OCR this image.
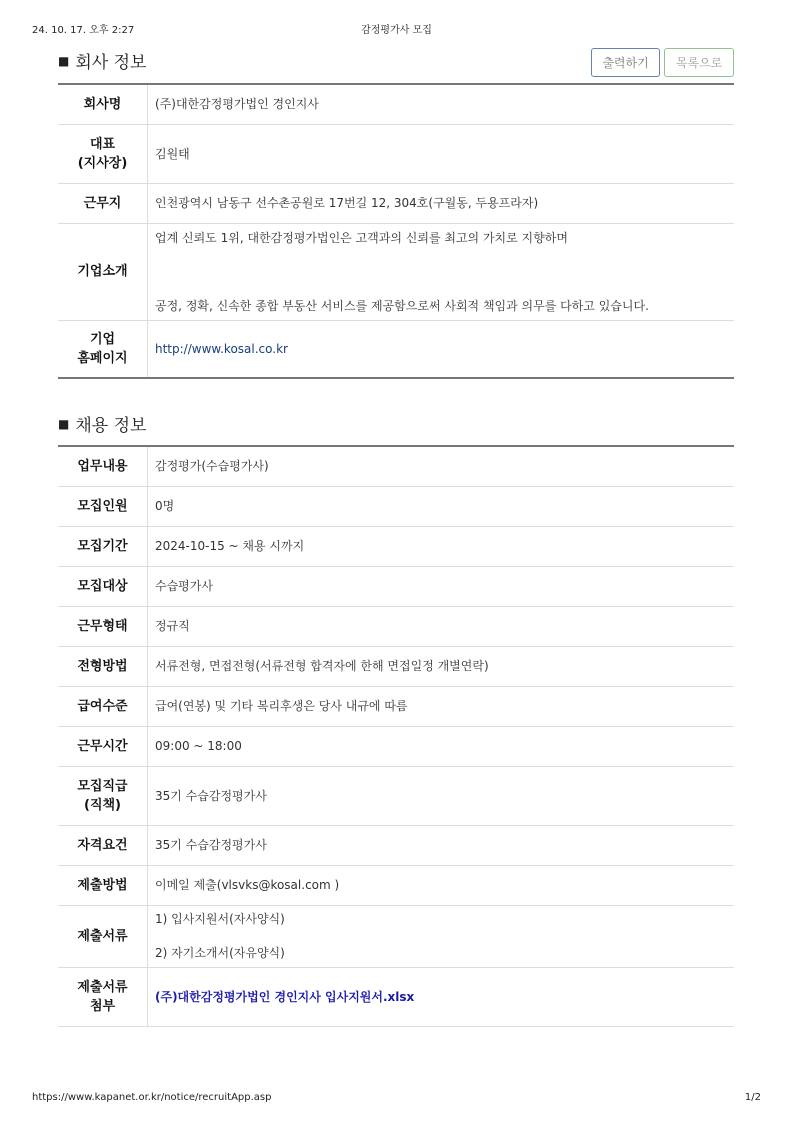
24. 10. 17. 오후 2:27	감정평가사 모집
■ 회사 정보	출력하기	목록으로
회사명	(주)대한감정평가법인 경인지사

대표
(지사장)	김원태
근무지	인천광역시 남동구 선수촌공원로 17번길 12, 304호(구월동, 두용프라자)
기업소개	업계 신뢰도 1위, 대한감정평가법인은 고객과의 신뢰를 최고의 가치로 지향하며

공정, 정확, 신속한 종합 부동산 서비스를 제공함으로써 사회적 책임과 의무를 다하고 있습니다.

기업
홈페이지	http://www.kosal.co.kr
■ 채용 정보
업무내용	감정평가(수습평가사)
모집인원	0명
모집기간	2024-10-15 ~ 채용 시까지
모집대상	수습평가사
근무형태	정규직
전형방법	서류전형, 면접전형(서류전형 합격자에 한해 면접일정 개별연락)
급여수준	급여(연봉) 및 기타 복리후생은 당사 내규에 따름
근무시간	09:00 ~ 18:00

모집직급
(직책)	35기 수습감정평가사
자격요건	35기 수습감정평가사
제출방법	이메일 제출(vlsvks@kosal.com )
제출서류	1) 입사지원서(자사양식)

2) 자기소개서(자유양식)

제출서류
첨부	(주)대한감정평가법인 경인지사 입사지원서.xlsx
https://www.kapanet.or.kr/notice/recruitApp.asp	1/2
